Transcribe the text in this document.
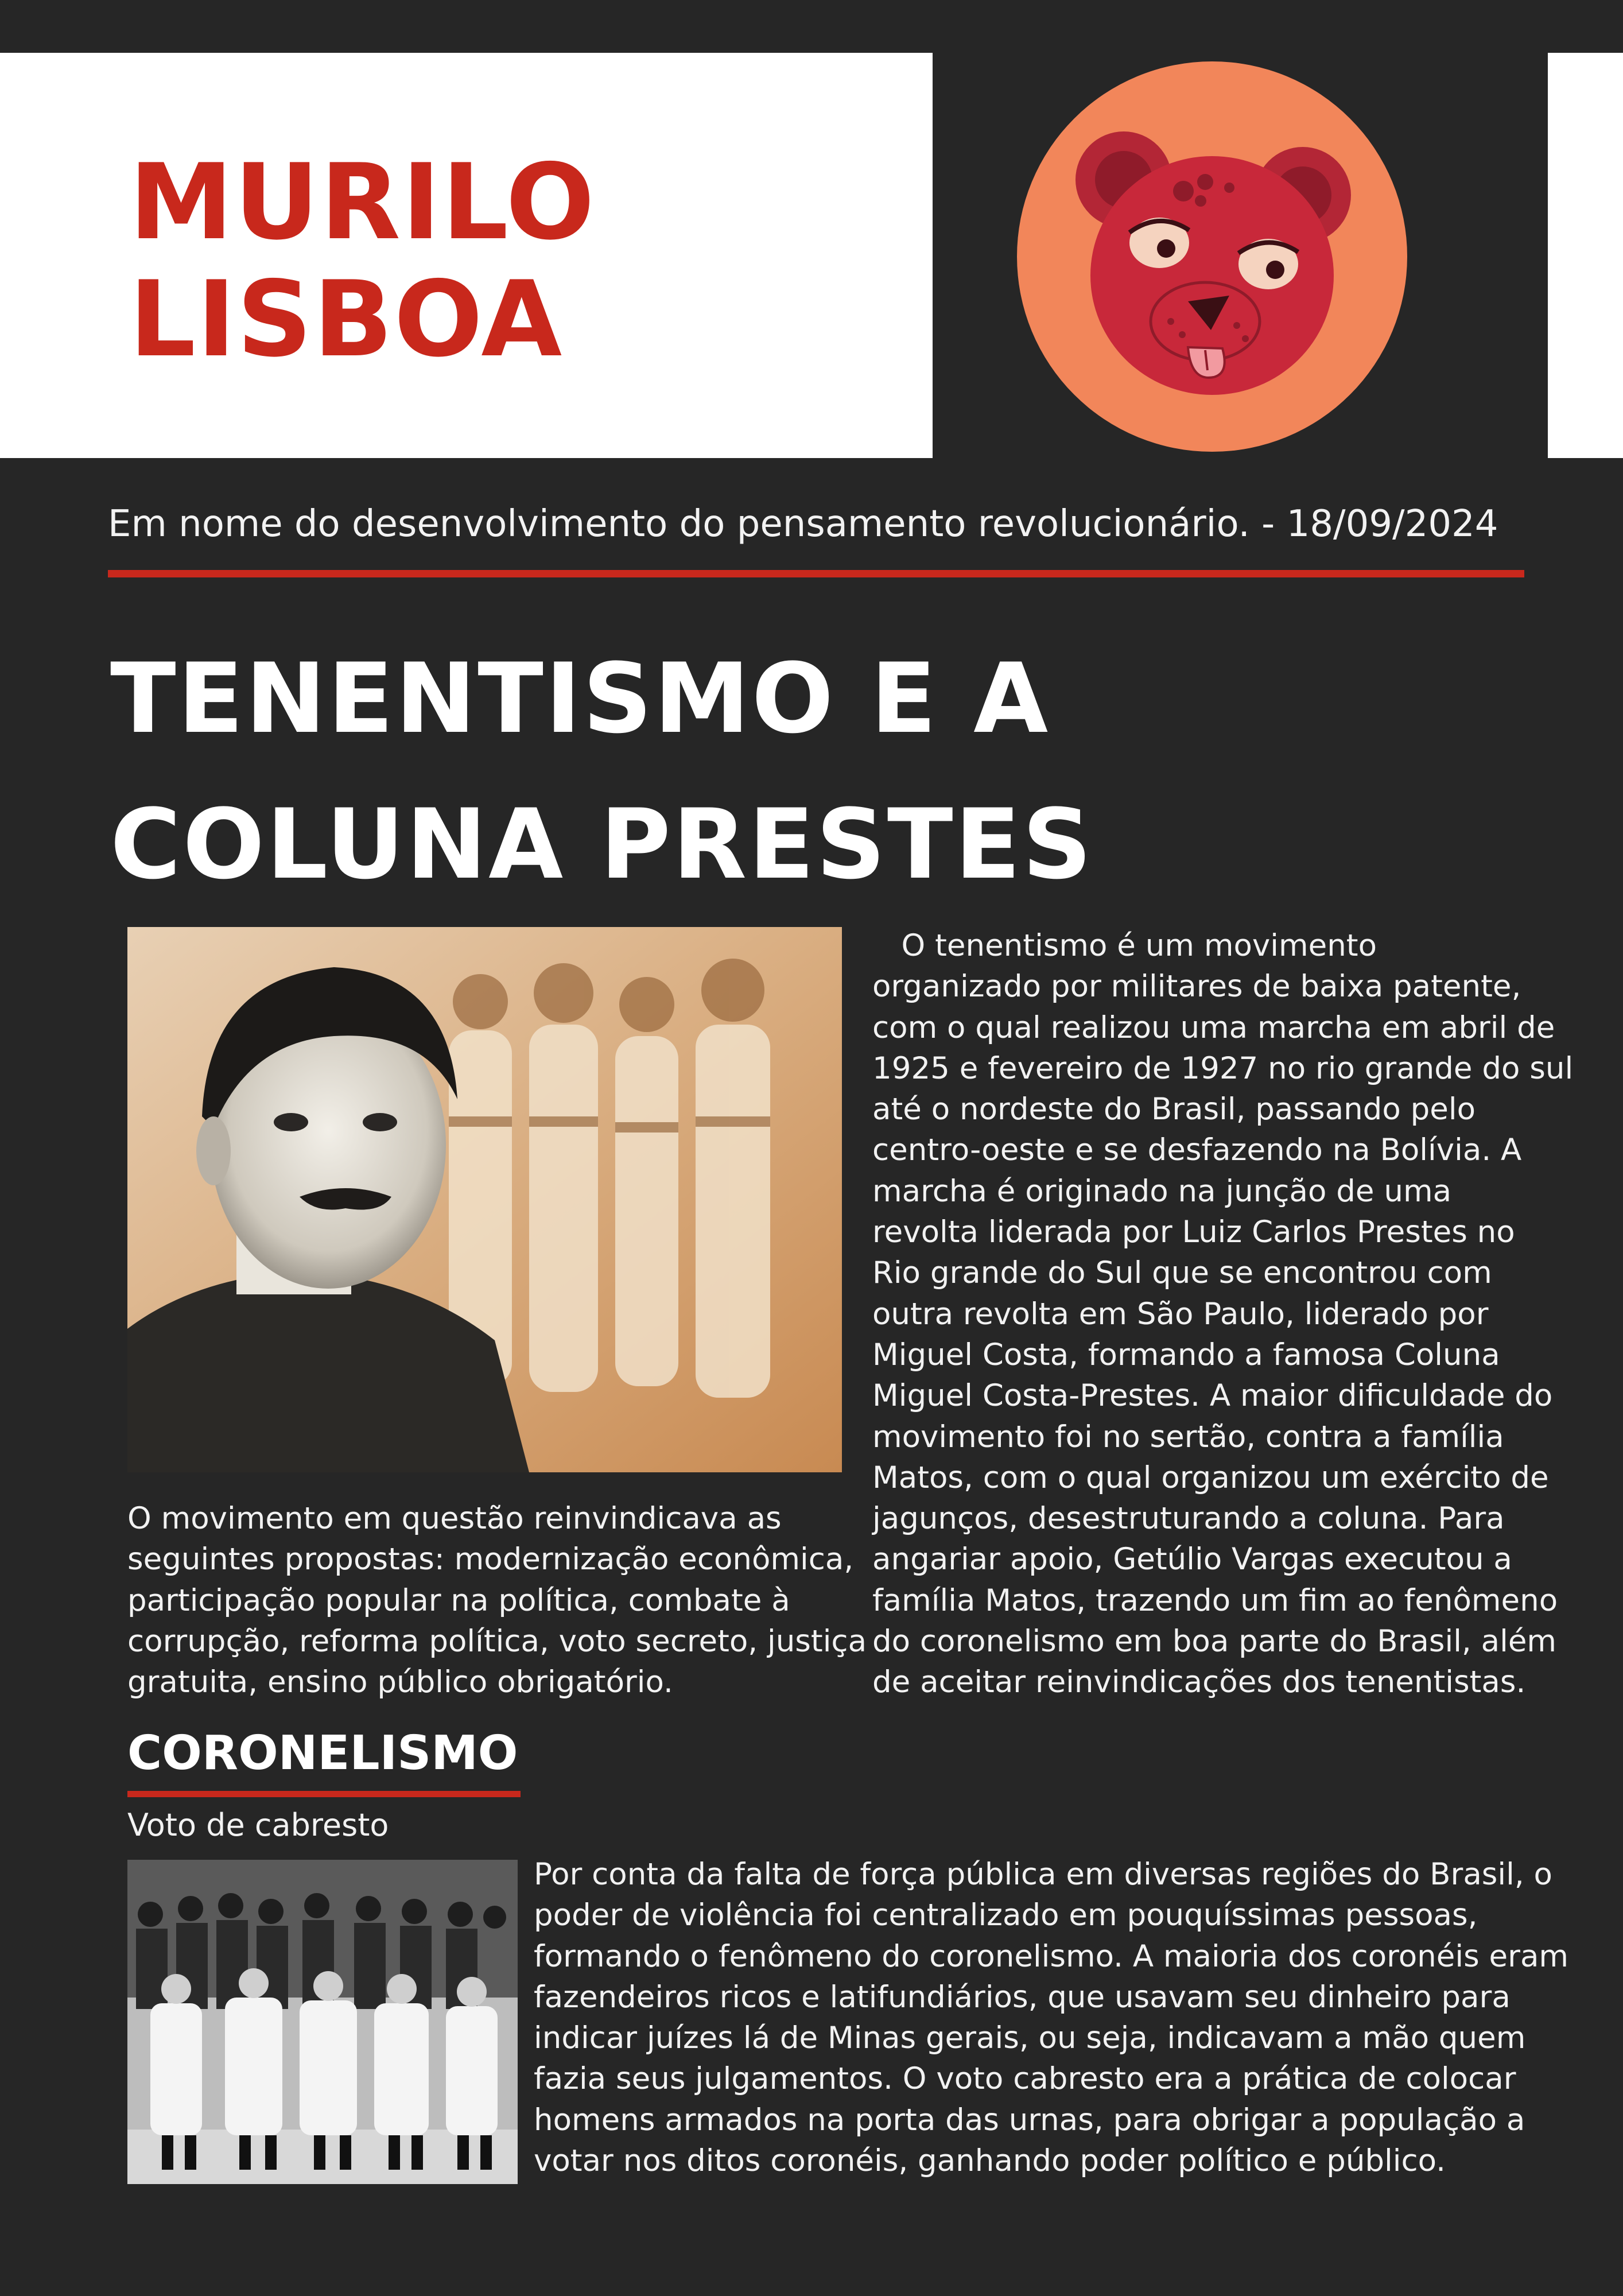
MURILO
LISBOA
Em nome do desenvolvimento do pensamento revolucionário. - 18/09/2024
TENENTISMO E A
COLUNA PRESTES
O tenentismo é um movimento
organizado por militares de baixa patente,
com o qual realizou uma marcha em abril de
1925 e fevereiro de 1927 no rio grande do sul
até o nordeste do Brasil, passando pelo
centro-oeste e se desfazendo na Bolívia. A
marcha é originado na junção de uma
revolta liderada por Luiz Carlos Prestes no
Rio grande do Sul que se encontrou com
outra revolta em São Paulo, liderado por
Miguel Costa, formando a famosa Coluna
Miguel Costa-Prestes. A maior dificuldade do
movimento foi no sertão, contra a família
Matos, com o qual organizou um exército de
jagunços, desestruturando a coluna. Para
angariar apoio, Getúlio Vargas executou a
família Matos, trazendo um fim ao fenômeno
do coronelismo em boa parte do Brasil, além
de aceitar reinvindicações dos tenentistas.
O movimento em questão reinvindicava as
seguintes propostas: modernização econômica,
participação popular na política, combate à
corrupção, reforma política, voto secreto, justiça
gratuita, ensino público obrigatório.
CORONELISMO
Voto de cabresto
Por conta da falta de força pública em diversas regiões do Brasil, o
poder de violência foi centralizado em pouquíssimas pessoas,
formando o fenômeno do coronelismo. A maioria dos coronéis eram
fazendeiros ricos e latifundiários, que usavam seu dinheiro para
indicar juízes lá de Minas gerais, ou seja, indicavam a mão quem
fazia seus julgamentos. O voto cabresto era a prática de colocar
homens armados na porta das urnas, para obrigar a população a
votar nos ditos coronéis, ganhando poder político e público.
